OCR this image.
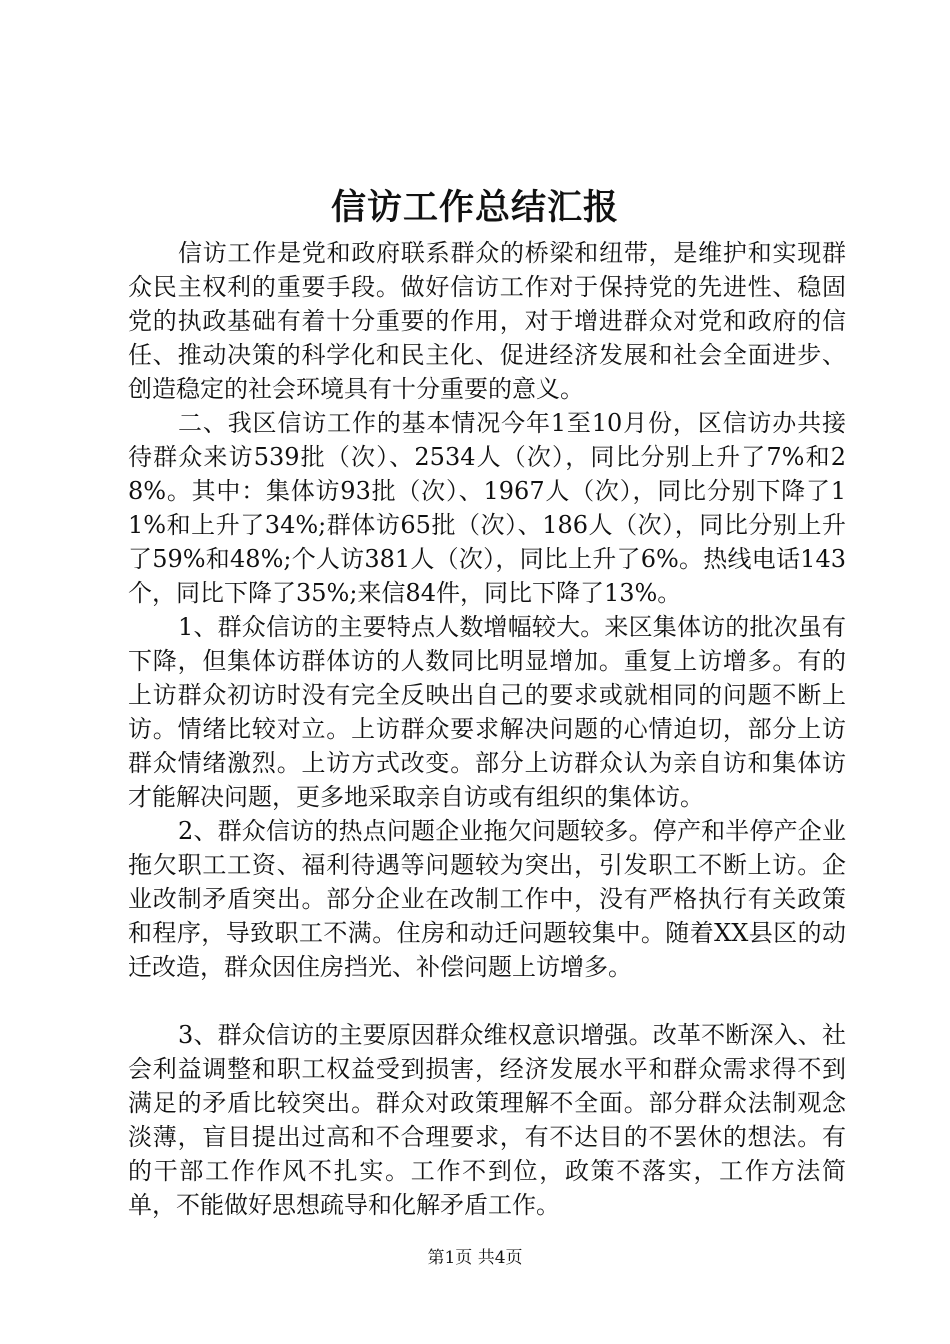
信访工作总结汇报

信访工作是党和政府联系群众的桥梁和纽带，是维护和实现群众民主权利的重要手段。做好信访工作对于保持党的先进性、稳固党的执政基础有着十分重要的作用，对于增进群众对党和政府的信任、推动决策的科学化和民主化、促进经济发展和社会全面进步、创造稳定的社会环境具有十分重要的意义。

二、我区信访工作的基本情况今年1至10月份，区信访办共接待群众来访539批（次）、2534人（次），同比分别上升了7%和28%。其中：集体访93批（次）、1967人（次），同比分别下降了11%和上升了34%;群体访65批（次）、186人（次），同比分别上升了59%和48%;个人访381人（次），同比上升了6%。热线电话143个，同比下降了35%;来信84件，同比下降了13%。

1、群众信访的主要特点人数增幅较大。来区集体访的批次虽有下降，但集体访群体访的人数同比明显增加。重复上访增多。有的上访群众初访时没有完全反映出自己的要求或就相同的问题不断上访。情绪比较对立。上访群众要求解决问题的心情迫切，部分上访群众情绪激烈。上访方式改变。部分上访群众认为亲自访和集体访才能解决问题，更多地采取亲自访或有组织的集体访。

2、群众信访的热点问题企业拖欠问题较多。停产和半停产企业拖欠职工工资、福利待遇等问题较为突出，引发职工不断上访。企业改制矛盾突出。部分企业在改制工作中，没有严格执行有关政策和程序，导致职工不满。住房和动迁问题较集中。随着XX县区的动迁改造，群众因住房挡光、补偿问题上访增多。

3、群众信访的主要原因群众维权意识增强。改革不断深入、社会利益调整和职工权益受到损害，经济发展水平和群众需求得不到满足的矛盾比较突出。群众对政策理解不全面。部分群众法制观念淡薄，盲目提出过高和不合理要求，有不达目的不罢休的想法。有的干部工作作风不扎实。工作不到位，政策不落实，工作方法简单，不能做好思想疏导和化解矛盾工作。

第1页 共4页
